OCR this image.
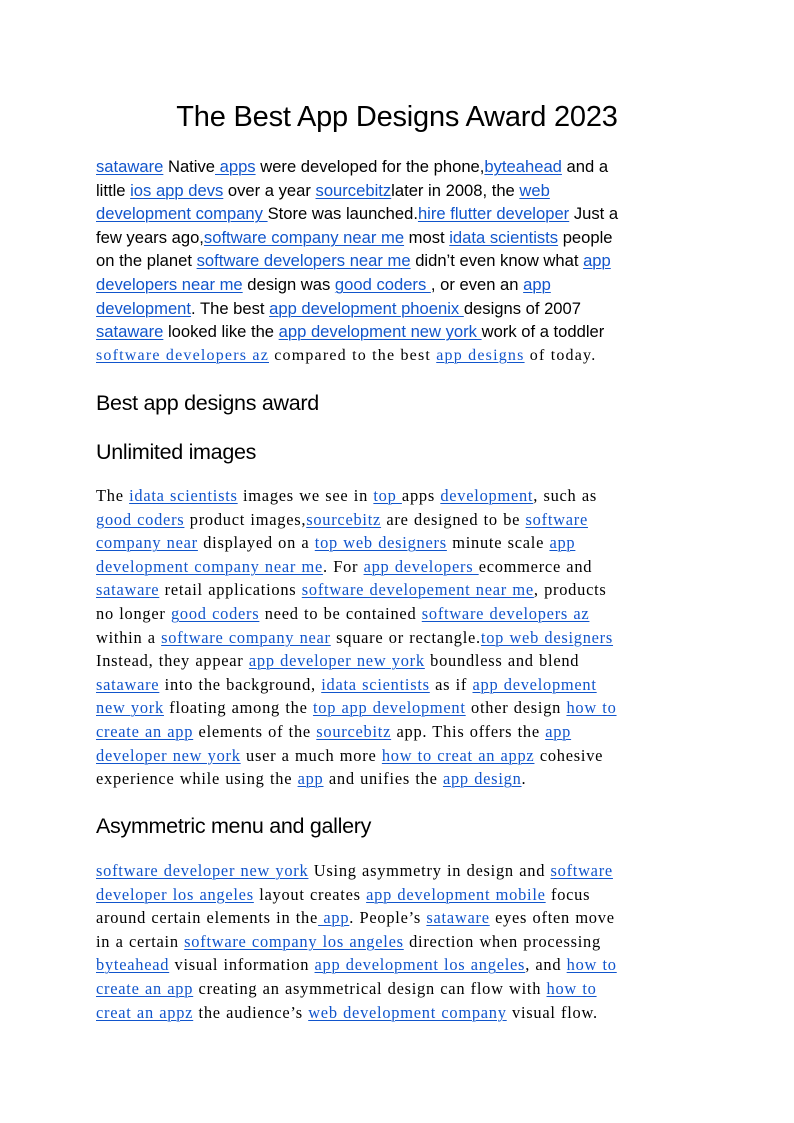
The Best App Designs Award 2023

sataware Native apps were developed for the phone,byteahead and a
little ios app devs over a year sourcebitzlater in 2008, the web
development company Store was launched.hire flutter developer Just a
few years ago,software company near me most idata scientists people
on the planet software developers near me didn’t even know what app
developers near me design was good coders , or even an app
development. The best app development phoenix designs of 2007
sataware looked like the app development new york work of a toddler
software developers az compared to the best app designs of today.

Best app designs award
Unlimited images

The idata scientists images we see in top apps development, such as
good coders product images,sourcebitz are designed to be software
company near displayed on a top web designers minute scale app
development company near me. For app developers ecommerce and
sataware retail applications software developement near me, products
no longer good coders need to be contained software developers az
within a software company near square or rectangle.top web designers
Instead, they appear app developer new york boundless and blend
sataware into the background, idata scientists as if app development
new york floating among the top app development other design how to
create an app elements of the sourcebitz app. This offers the app
developer new york user a much more how to creat an appz cohesive
experience while using the app and unifies the app design.

Asymmetric menu and gallery

software developer new york Using asymmetry in design and software
developer los angeles layout creates app development mobile focus
around certain elements in the app. People’s sataware eyes often move
in a certain software company los angeles direction when processing
byteahead visual information app development los angeles, and how to
create an app creating an asymmetrical design can flow with how to
creat an appz the audience’s web development company visual flow.
